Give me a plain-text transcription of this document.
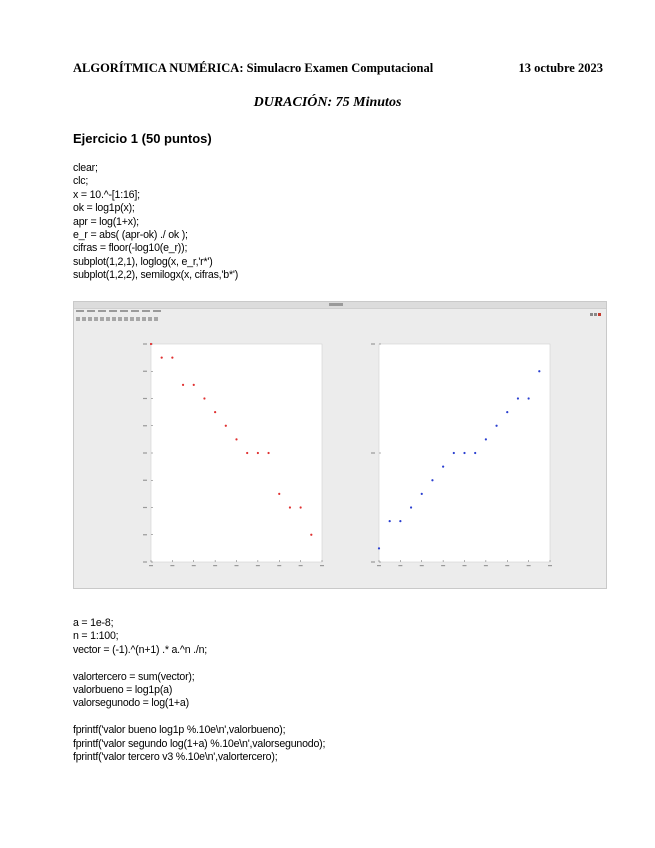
ALGORÍTMICA NUMÉRICA: Simulacro Examen Computacional	13 octubre 2023
DURACIÓN: 75 Minutos
Ejercicio 1 (50 puntos)
clear;
clc;
x = 10.^-[1:16];
ok = log1p(x);
apr = log(1+x);
e_r = abs( (apr-ok) ./ ok );
cifras = floor(-log10(e_r));
subplot(1,2,1), loglog(x, e_r,'r*')
subplot(1,2,2), semilogx(x, cifras,'b*')
a = 1e-8;
n = 1:100;
vector = (-1).^(n+1) .* a.^n ./n;
valortercero = sum(vector);
valorbueno = log1p(a)
valorsegunodo = log(1+a)
fprintf('valor bueno log1p %.10e\n',valorbueno);
fprintf('valor segundo log(1+a) %.10e\n',valorsegunodo);
fprintf('valor tercero v3 %.10e\n',valortercero);
